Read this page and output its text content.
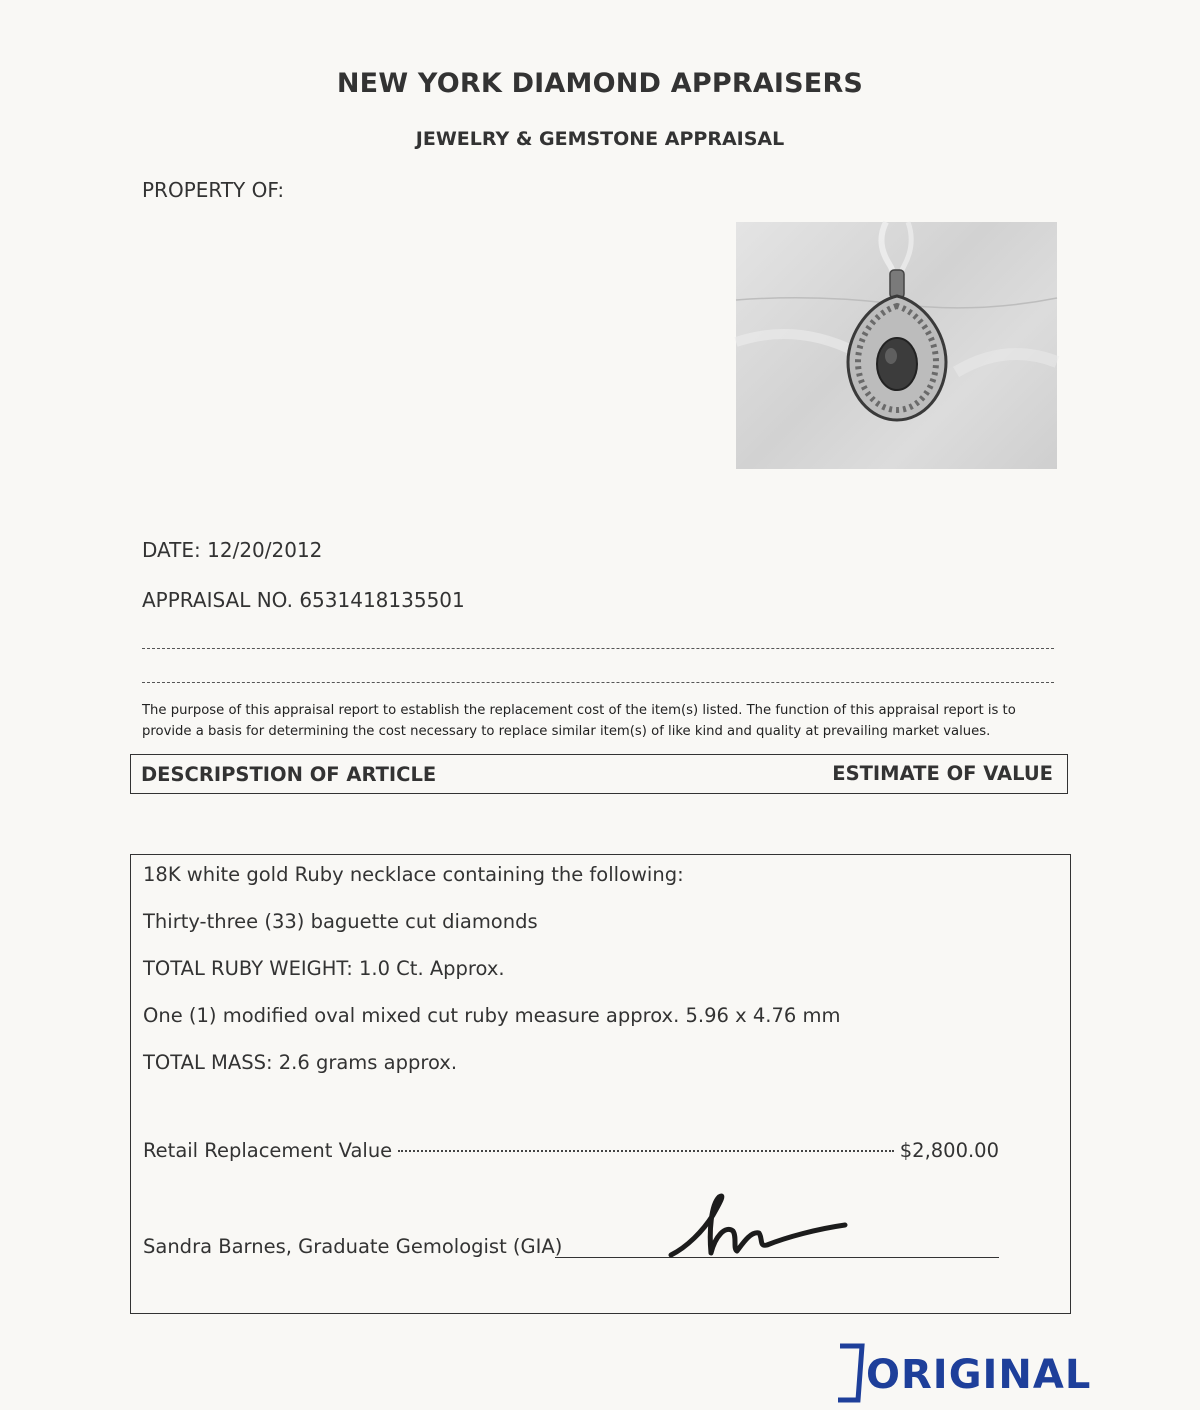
NEW YORK DIAMOND APPRAISERS
JEWELRY & GEMSTONE APPRAISAL
PROPERTY OF:
DATE: 12/20/2012
APPRAISAL NO. 6531418135501
The purpose of this appraisal report to establish the replacement cost of the item(s) listed. The function of this appraisal report is to provide a basis for determining the cost necessary to replace similar item(s) of like kind and quality at prevailing market values.
DESCRIPSTION OF ARTICLE	ESTIMATE OF VALUE
18K white gold Ruby necklace containing the following:
Thirty-three (33) baguette cut diamonds
TOTAL RUBY WEIGHT: 1.0 Ct. Approx.
One (1) modified oval mixed cut ruby measure approx. 5.96 x 4.76 mm
TOTAL MASS: 2.6 grams approx.
Retail Replacement Value	$2,800.00
Sandra Barnes, Graduate Gemologist (GIA)
ORIGINAL
